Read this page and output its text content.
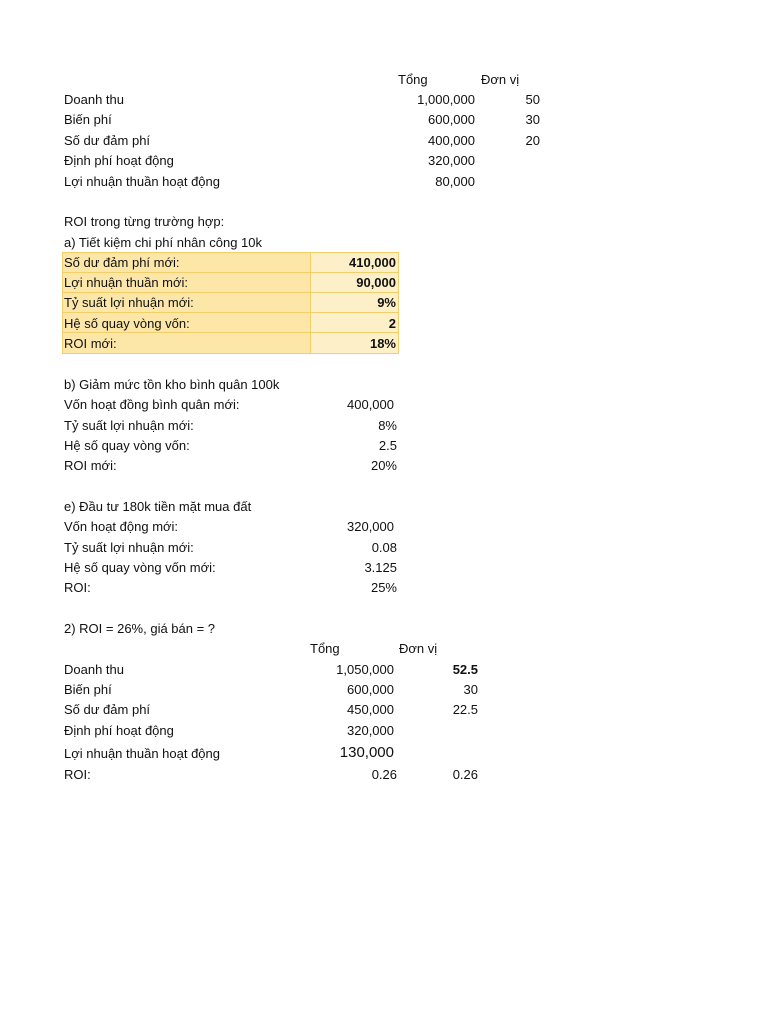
Tổng	Đơn vị
Doanh thu	1,000,000	50
Biến phí	600,000	30
Số dư đảm phí	400,000	20
Định phí hoạt động	320,000
Lợi nhuận thuần hoạt động	80,000
ROI trong từng trường hợp:
a) Tiết kiệm chi phí nhân công 10k
Số dư đảm phí mới:	410,000
Lợi nhuận thuần mới:	90,000
Tỷ suất lợi nhuận mới:	9%
Hệ số quay vòng vốn:	2
ROI mới:	18%
b) Giảm mức tồn kho bình quân 100k
Vốn hoạt đồng bình quân mới:	400,000
Tỷ suất lợi nhuận mới:	8%
Hệ số quay vòng vốn:	2.5
ROI mới:	20%
e) Đầu tư 180k tiền mặt mua đất
Vốn hoạt động mới:	320,000
Tỷ suất lợi nhuận mới:	0.08
Hệ số quay vòng vốn mới:	3.125
ROI:	25%
2) ROI = 26%, giá bán = ?
Tổng	Đơn vị
Doanh thu	1,050,000	52.5
Biến phí	600,000	30
Số dư đảm phí	450,000	22.5
Định phí hoạt động	320,000
Lợi nhuận thuần hoạt động	130,000
ROI:	0.26	0.26
